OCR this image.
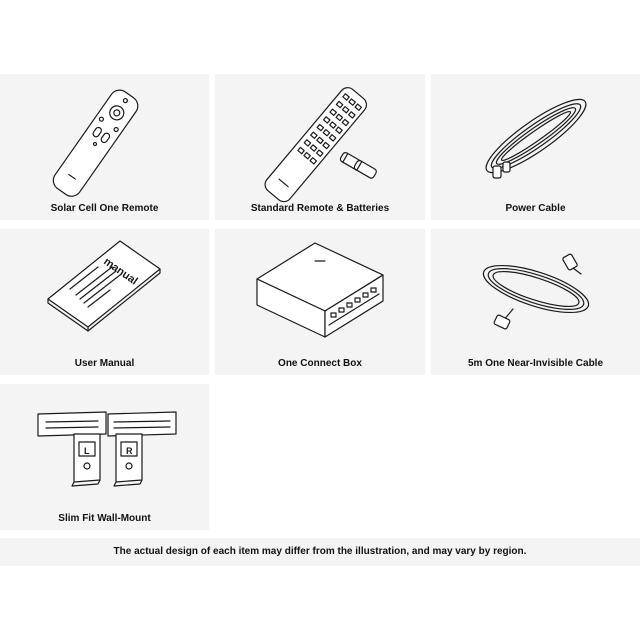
Solar Cell One Remote	Standard Remote & Batteries	Power Cable
manual
User Manual	One Connect Box	5m One Near-Invisible Cable
L	R
Slim Fit Wall-Mount
The actual design of each item may differ from the illustration, and may vary by region.
